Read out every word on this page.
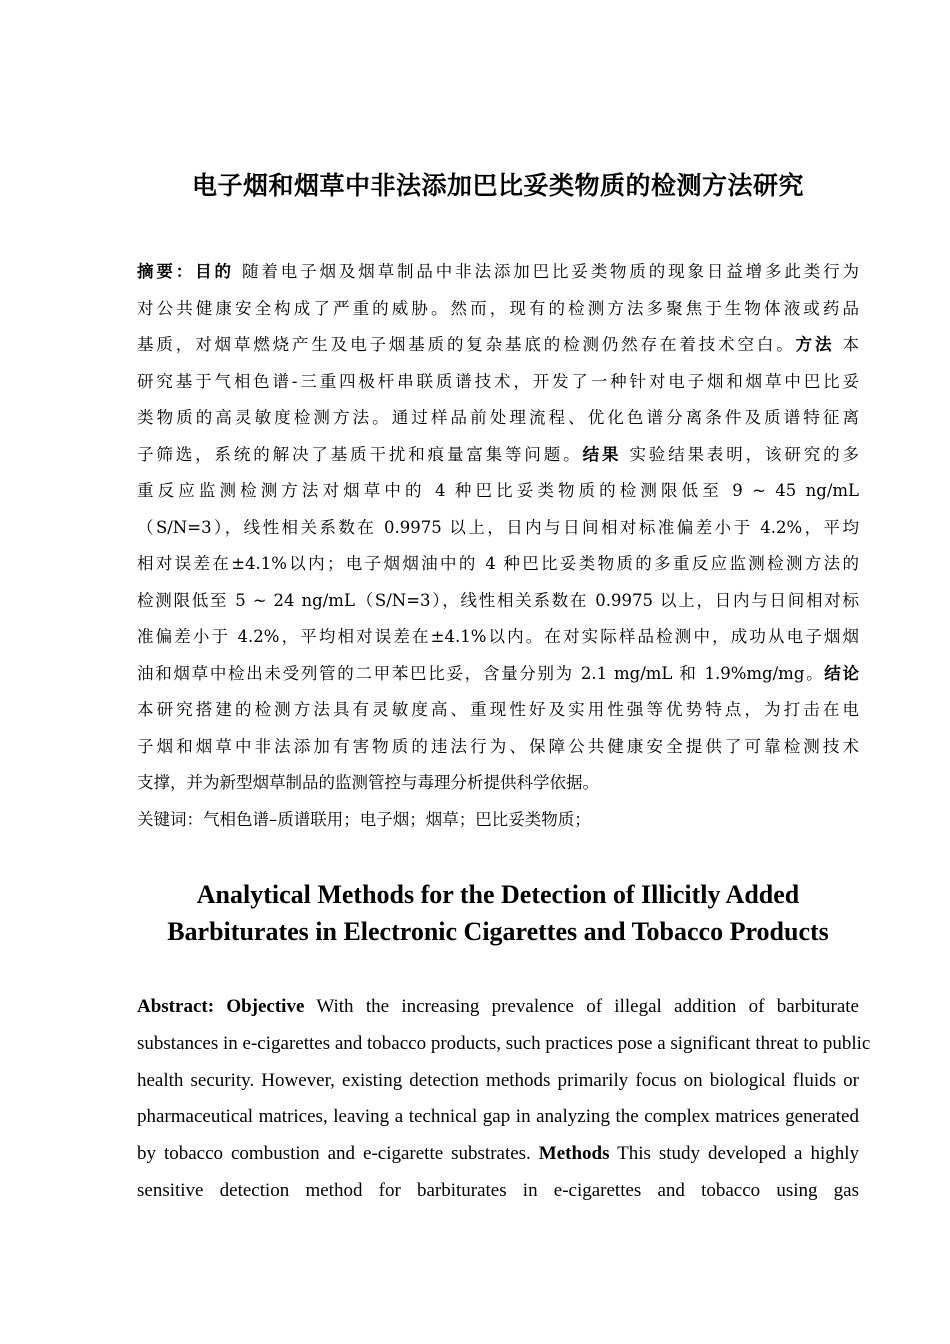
电子烟和烟草中非法添加巴比妥类物质的检测方法研究
摘要：目的 随着电子烟及烟草制品中非法添加巴比妥类物质的现象日益增多此类行为
对公共健康安全构成了严重的威胁。然而，现有的检测方法多聚焦于生物体液或药品
基质，对烟草燃烧产生及电子烟基质的复杂基底的检测仍然存在着技术空白。方法 本
研究基于气相色谱-三重四极杆串联质谱技术，开发了一种针对电子烟和烟草中巴比妥
类物质的高灵敏度检测方法。通过样品前处理流程、优化色谱分离条件及质谱特征离
子筛选，系统的解决了基质干扰和痕量富集等问题。结果 实验结果表明，该研究的多
重反应监测检测方法对烟草中的 4 种巴比妥类物质的检测限低至 9 ~ 45 ng/mL
（S/N=3），线性相关系数在 0.9975 以上，日内与日间相对标准偏差小于 4.2%，平均
相对误差在±4.1%以内；电子烟烟油中的 4 种巴比妥类物质的多重反应监测检测方法的
检测限低至 5 ~ 24 ng/mL（S/N=3），线性相关系数在 0.9975 以上，日内与日间相对标
准偏差小于 4.2%，平均相对误差在±4.1%以内。在对实际样品检测中，成功从电子烟烟
油和烟草中检出未受列管的二甲苯巴比妥，含量分别为 2.1 mg/mL 和 1.9%mg/mg。结论
本研究搭建的检测方法具有灵敏度高、重现性好及实用性强等优势特点，为打击在电
子烟和烟草中非法添加有害物质的违法行为、保障公共健康安全提供了可靠检测技术
支撑，并为新型烟草制品的监测管控与毒理分析提供科学依据。
关键词：气相色谱–质谱联用；电子烟；烟草；巴比妥类物质；
Analytical Methods for the Detection of Illicitly Added
Barbiturates in Electronic Cigarettes and Tobacco Products
Abstract: Objective With the increasing prevalence of illegal addition of barbiturate
substances in e-cigarettes and tobacco products, such practices pose a significant threat to public
health security. However, existing detection methods primarily focus on biological fluids or
pharmaceutical matrices, leaving a technical gap in analyzing the complex matrices generated
by tobacco combustion and e-cigarette substrates. Methods This study developed a highly
sensitive detection method for barbiturates in e-cigarettes and tobacco using gas
